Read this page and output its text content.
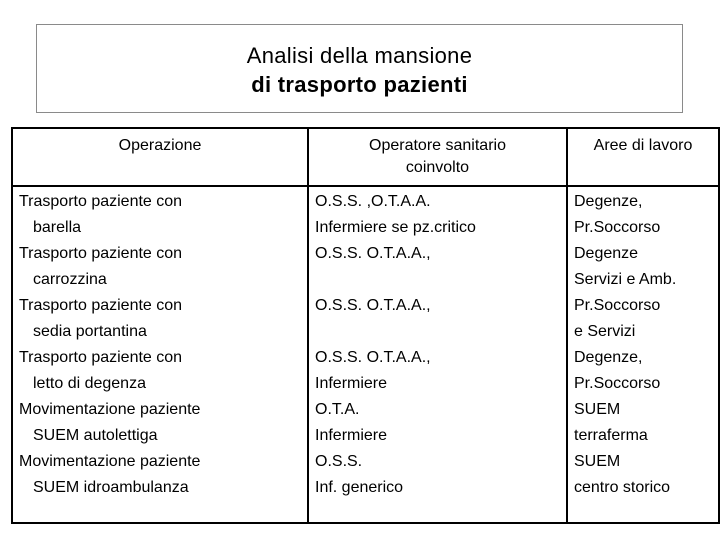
Analisi della mansione
di trasporto pazienti
Operazione	Operatore sanitario
coinvolto
Aree di lavoro
Trasporto paziente con
barella
Trasporto paziente con
carrozzina
Trasporto paziente con
sedia portantina
Trasporto paziente con
letto di degenza
Movimentazione paziente
SUEM autolettiga
Movimentazione paziente
SUEM idroambulanza
O.S.S. ,O.T.A.A.
Infermiere se pz.critico
O.S.S. O.T.A.A.,
O.S.S. O.T.A.A.,
O.S.S. O.T.A.A.,
Infermiere
O.T.A.
Infermiere
O.S.S.
Inf. generico
Degenze,
Pr.Soccorso
Degenze
Servizi e Amb.
Pr.Soccorso
e Servizi
Degenze,
Pr.Soccorso
SUEM
terraferma
SUEM
centro storico
